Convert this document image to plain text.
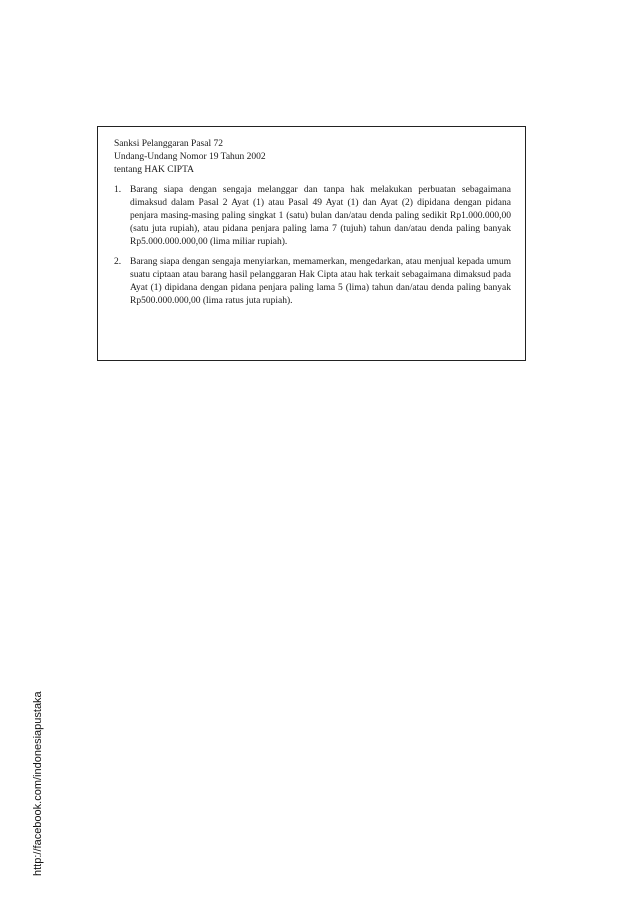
Sanksi Pelanggaran Pasal 72
Undang-Undang Nomor 19 Tahun 2002
tentang HAK CIPTA
1. Barang siapa dengan sengaja melanggar dan tanpa hak melakukan perbuatan sebagaimana dimaksud dalam Pasal 2 Ayat (1) atau Pasal 49 Ayat (1) dan Ayat (2) dipidana dengan pidana penjara masing-masing paling singkat 1 (satu) bulan dan/atau denda paling sedikit Rp1.000.000,00 (satu juta rupiah), atau pidana penjara paling lama 7 (tujuh) tahun dan/atau denda paling banyak Rp5.000.000.000,00 (lima miliar rupiah).
2. Barang siapa dengan sengaja menyiarkan, memamerkan, mengedarkan, atau menjual kepada umum suatu ciptaan atau barang hasil pelanggaran Hak Cipta atau hak terkait sebagaimana dimaksud pada Ayat (1) dipidana dengan pidana penjara paling lama 5 (lima) tahun dan/atau denda paling banyak Rp500.000.000,00 (lima ratus juta rupiah).
http://facebook.com/indonesiapustaka
